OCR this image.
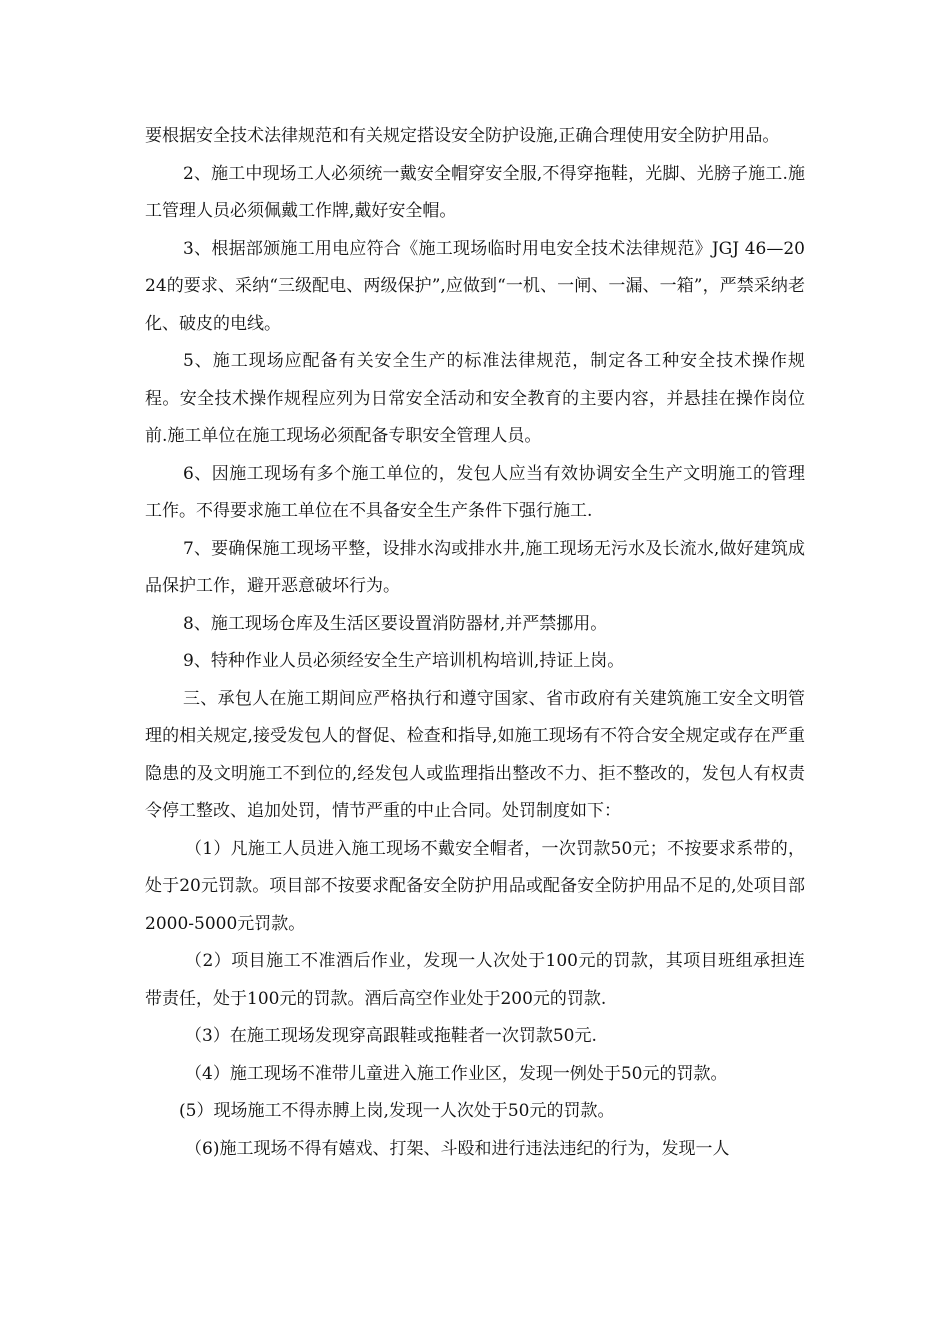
要根据安全技术法律规范和有关规定搭设安全防护设施,正确合理使用安全防护用品。

2、施工中现场工人必须统一戴安全帽穿安全服,不得穿拖鞋，光脚、光膀子施工.施工管理人员必须佩戴工作牌,戴好安全帽。

3、根据部颁施工用电应符合《施工现场临时用电安全技术法律规范》JGJ 46—2024的要求、采纳“三级配电、两级保护”,应做到“一机、一闸、一漏、一箱”，严禁采纳老化、破皮的电线。

5、施工现场应配备有关安全生产的标准法律规范，制定各工种安全技术操作规程。安全技术操作规程应列为日常安全活动和安全教育的主要内容，并悬挂在操作岗位前.施工单位在施工现场必须配备专职安全管理人员。

6、因施工现场有多个施工单位的，发包人应当有效协调安全生产文明施工的管理工作。不得要求施工单位在不具备安全生产条件下强行施工.

7、要确保施工现场平整，设排水沟或排水井,施工现场无污水及长流水,做好建筑成品保护工作，避开恶意破坏行为。

8、施工现场仓库及生活区要设置消防器材,并严禁挪用。

9、特种作业人员必须经安全生产培训机构培训,持证上岗。

三、承包人在施工期间应严格执行和遵守国家、省市政府有关建筑施工安全文明管理的相关规定,接受发包人的督促、检查和指导,如施工现场有不符合安全规定或存在严重隐患的及文明施工不到位的,经发包人或监理指出整改不力、拒不整改的，发包人有权责令停工整改、追加处罚，情节严重的中止合同。处罚制度如下：

（1）凡施工人员进入施工现场不戴安全帽者，一次罚款50元；不按要求系带的，处于20元罚款。项目部不按要求配备安全防护用品或配备安全防护用品不足的,处项目部2000-5000元罚款。

（2）项目施工不准酒后作业，发现一人次处于100元的罚款，其项目班组承担连带责任，处于100元的罚款。酒后高空作业处于200元的罚款.

（3）在施工现场发现穿高跟鞋或拖鞋者一次罚款50元.

（4）施工现场不准带儿童进入施工作业区，发现一例处于50元的罚款。

(5）现场施工不得赤膊上岗,发现一人次处于50元的罚款。

（6)施工现场不得有嬉戏、打架、斗殴和进行违法违纪的行为，发现一人
